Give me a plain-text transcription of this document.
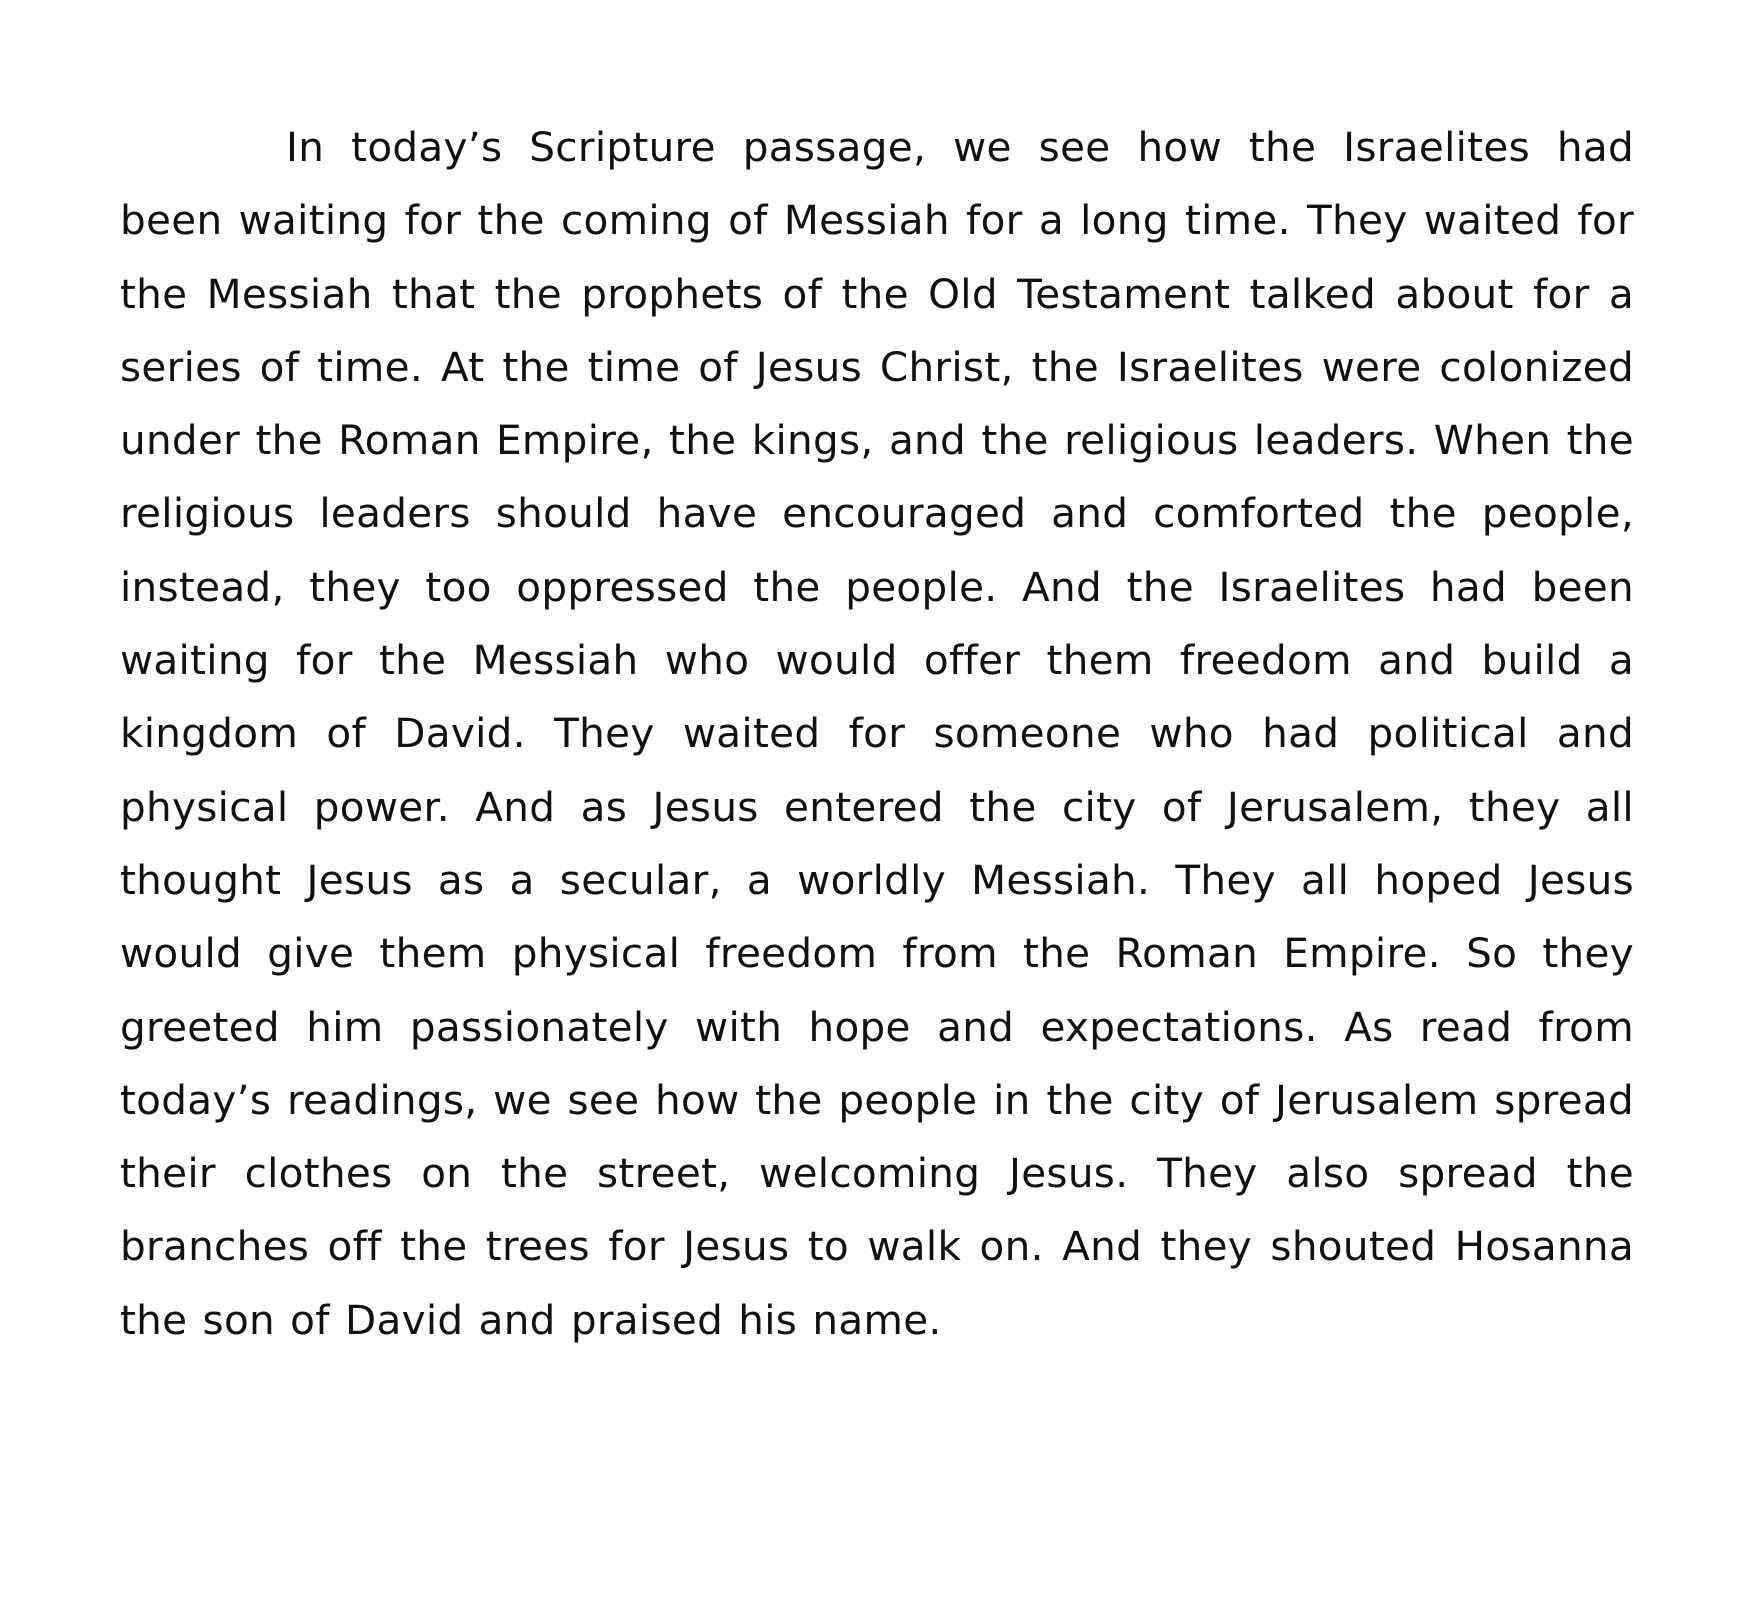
In today’s Scripture passage, we see how the Israelites had been waiting for the coming of Messiah for a long time. They waited for the Messiah that the prophets of the Old Testament talked about for a series of time. At the time of Jesus Christ, the Israelites were colonized under the Roman Empire, the kings, and the religious leaders. When the religious leaders should have encouraged and comforted the people, instead, they too oppressed the people. And the Israelites had been waiting for the Messiah who would offer them freedom and build a kingdom of David. They waited for someone who had political and physical power. And as Jesus entered the city of Jerusalem, they all thought Jesus as a secular, a worldly Messiah. They all hoped Jesus would give them physical freedom from the Roman Empire. So they greeted him passionately with hope and expectations. As read from today’s readings, we see how the people in the city of Jerusalem spread their clothes on the street, welcoming Jesus. They also spread the branches off the trees for Jesus to walk on. And they shouted Hosanna the son of David and praised his name.
